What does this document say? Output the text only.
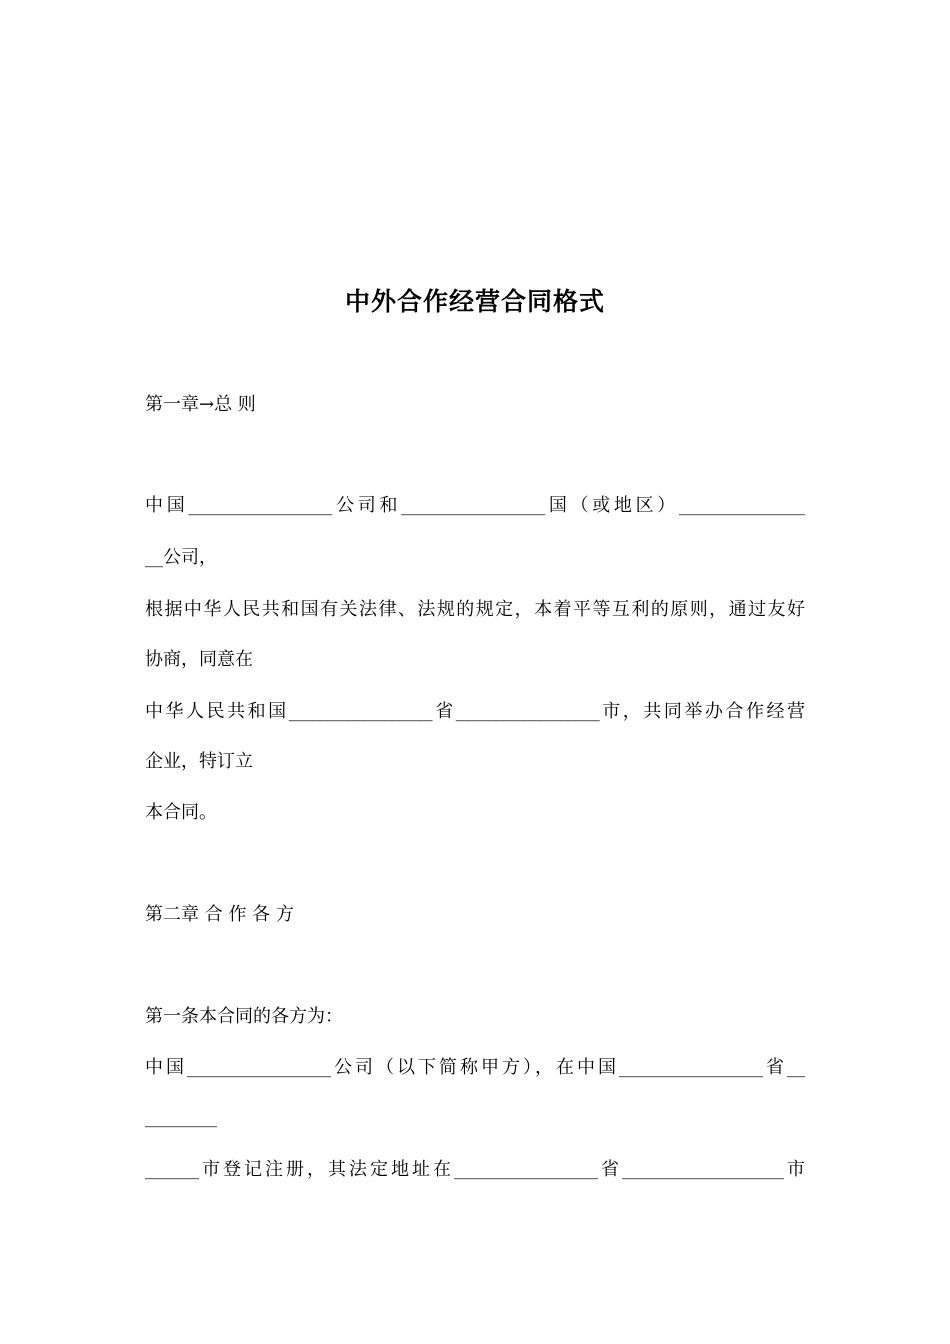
中外合作经营合同格式
第一章→总 则
中国________________公司和________________国（或地区）______________
__公司，
根据中华人民共和国有关法律、法规的规定，本着平等互利的原则，通过友好
协商，同意在
中华人民共和国________________省________________市，共同举办合作经营
企业，特订立
本合同。
第二章 合 作 各 方
第一条本合同的各方为：
中国________________公司（以下简称甲方），在中国________________省__
________
______市登记注册，其法定地址在________________省__________________市
